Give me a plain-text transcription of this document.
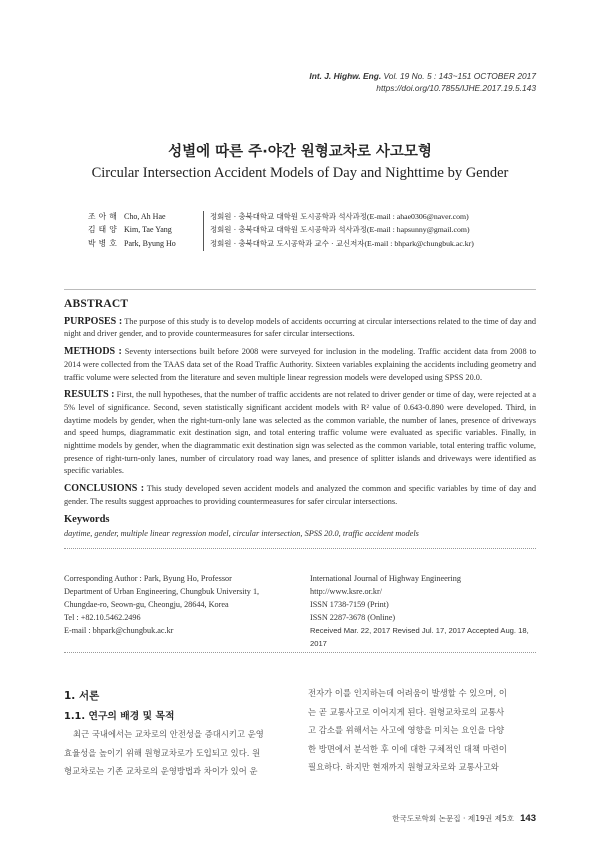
Int. J. Highw. Eng. Vol. 19 No. 5 : 143~151 OCTOBER 2017
https://doi.org/10.7855/IJHE.2017.19.5.143
성별에 따른 주·야간 원형교차로 사고모형
Circular Intersection Accident Models of Day and Nighttime by Gender
조 아 해 Cho, Ah Hae	정회원 · 충북대학교 대학원 도시공학과 석사과정(E-mail : ahae0306@naver.com)
김 태 양 Kim, Tae Yang	정회원 · 충북대학교 대학원 도시공학과 석사과정(E-mail : hapsunny@gmail.com)
박 병 호 Park, Byung Ho	정회원 · 충북대학교 도시공학과 교수 · 교신저자(E-mail : bhpark@chungbuk.ac.kr)
ABSTRACT

PURPOSES : The purpose of this study is to develop models of accidents occurring at circular intersections related to the time of day and night and driver gender, and to provide countermeasures for safer circular intersections.

METHODS : Seventy intersections built before 2008 were surveyed for inclusion in the modeling. Traffic accident data from 2008 to 2014 were collected from the TAAS data set of the Road Traffic Authority. Sixteen variables explaining the accidents including geometry and traffic volume were selected from the literature and seven multiple linear regression models were developed using SPSS 20.0.

RESULTS : First, the null hypotheses, that the number of traffic accidents are not related to driver gender or time of day, were rejected at a 5% level of significance. Second, seven statistically significant accident models with R² value of 0.643-0.890 were developed. Third, in daytime models by gender, when the right-turn-only lane was selected as the common variable, the number of lanes, presence of driveways and speed humps, diagrammatic exit destination sign, and total entering traffic volume were evaluated as specific variables. Finally, in nighttime models by gender, when the diagrammatic exit destination sign was selected as the common variable, total entering traffic volume, presence of right-turn-only lanes, number of circulatory road way lanes, and presence of splitter islands and driveways were identified as specific variables.

CONCLUSIONS : This study developed seven accident models and analyzed the common and specific variables by time of day and gender. The results suggest approaches to providing countermeasures for safer circular intersections.

Keywords
daytime, gender, multiple linear regression model, circular intersection, SPSS 20.0, traffic accident models
Corresponding Author : Park, Byung Ho, Professor
Department of Urban Engineering, Chungbuk University 1,
Chungdae-ro, Seown-gu, Cheongju, 28644, Korea
Tel : +82.10.5462.2496
E-mail : bhpark@chungbuk.ac.kr
International Journal of Highway Engineering
http://www.ksre.or.kr/
ISSN 1738-7159 (Print)
ISSN 2287-3678 (Online)
Received Mar. 22, 2017 Revised Jul. 17, 2017 Accepted Aug. 18, 2017
1. 서론
1.1. 연구의 배경 및 목적
최근 국내에서는 교차로의 안전성을 증대시키고 운영
효율성을 높이기 위해 원형교차로가 도입되고 있다. 원
형교차로는 기존 교차로의 운영방법과 차이가 있어 운
전자가 이를 인지하는데 어려움이 발생할 수 있으며, 이
는 곧 교통사고로 이어지게 된다. 원형교차로의 교통사
고 감소를 위해서는 사고에 영향을 미치는 요인을 다양
한 방면에서 분석한 후 이에 대한 구체적인 대책 마련이
필요하다. 하지만 현재까지 원형교차로와 교통사고와
한국도로학회 논문집 · 제19권 제5호 143
